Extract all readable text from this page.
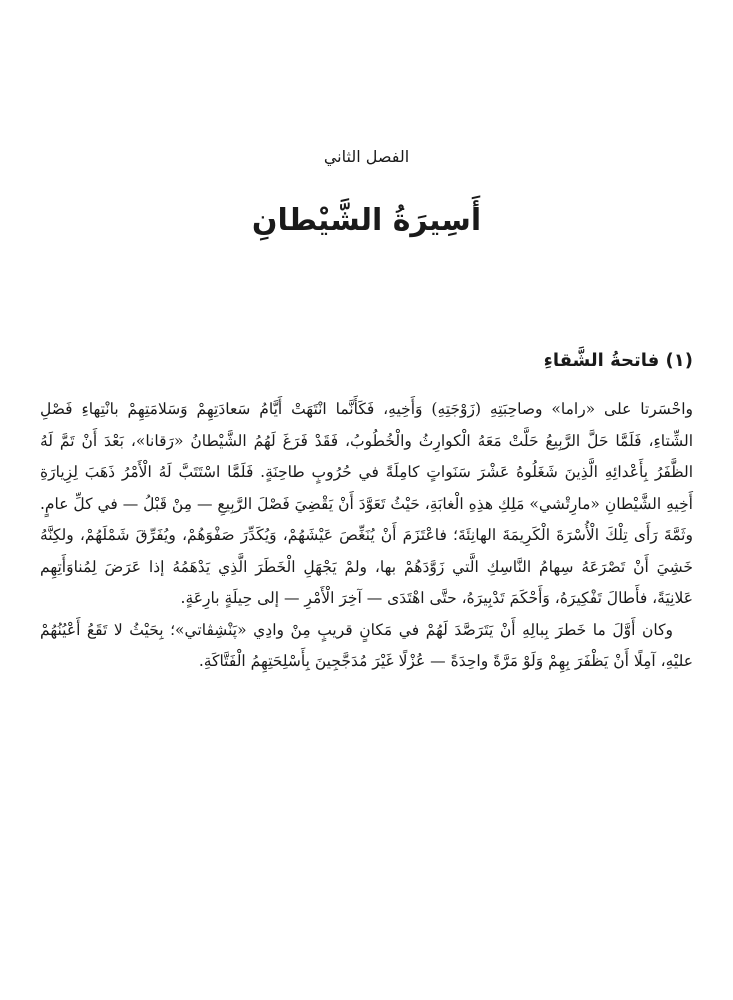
الفصل الثاني
أَسِيرَةُ الشَّيْطانِ
(١) فاتحةُ الشَّقاءِ

واحْسَرتا على «راما» وصاحِبَتِهِ (زَوْجَتِهِ) وَأَخِيهِ، فَكَأَنَّما انْتَهَتْ أَيَّامُ سَعادَتِهِمْ وَسَلامَتِهِمْ بانْتِهاءِ فَصْلِ الشِّتاءِ، فَلَمَّا حَلَّ الرَّبِيعُ حَلَّتْ مَعَهُ الْكوارِثُ والْخُطُوبُ، فَقَدْ فَرَغَ لَهُمُ الشَّيْطانُ «رَقانا»، بَعْدَ أَنْ تَمَّ لَهُ الظَّفَرُ بِأَعْدائِهِ الَّذِينَ شَغَلُوهُ عَشْرَ سَنَواتٍ كامِلَةً في حُرُوبٍ طاحِنَةٍ. فَلَمَّا اسْتَتَبَّ لَهُ الْأَمْرُ ذَهَبَ لِزِيارَةِ أَخِيهِ الشَّيْطانِ «مارِتْشي» مَلِكِ هذِهِ الْغابَةِ، حَيْثُ تَعَوَّدَ أَنْ يَقْضِيَ فَصْلَ الرَّبِيعِ — مِنْ قَبْلُ — في كلِّ عامٍ. وثَمَّةَ رَأَى تِلْكَ الْأُسْرَةَ الْكَرِيمَةَ الهانِئَةَ؛ فاعْتَزَمَ أَنْ يُنَغِّصَ عَيْشَهُمْ، وَيُكَدِّرَ صَفْوَهُمْ، ويُفَرِّقَ شَمْلَهُمْ، ولكِنَّهُ خَشِيَ أَنْ تَصْرَعَهُ سِهامُ النَّاسِكِ الَّتي زَوَّدَهُمْ بها، ولمْ يَجْهَلِ الْخَطَرَ الَّذِي يَدْهَمُهُ إذا عَرَضَ لِمُناوَأَتِهِم عَلانِيَةً، فأَطالَ تَفْكِيرَهُ، وَأَحْكَمَ تَدْبِيرَهُ، حتَّى اهْتَدَى — آخِرَ الْأَمْرِ — إلى حِيلَةٍ بارِعَةٍ.

وكان أَوَّلَ ما خَطرَ بِبالِهِ أَنْ يَتَرَصَّدَ لَهُمْ في مَكانٍ قريبٍ مِنْ وادِي «پَنْشِڤاتي»؛ بِحَيْثُ لا تَقَعُ أَعْيُنُهُمْ عليْهِ، آمِلًا أَنْ يَظْفَرَ بِهِمْ وَلَوْ مَرَّةً واحِدَةً — عُزْلًا غَيْرَ مُدَجَّجِينَ بِأَسْلِحَتِهِمُ الْفَتَّاكَةِ.
